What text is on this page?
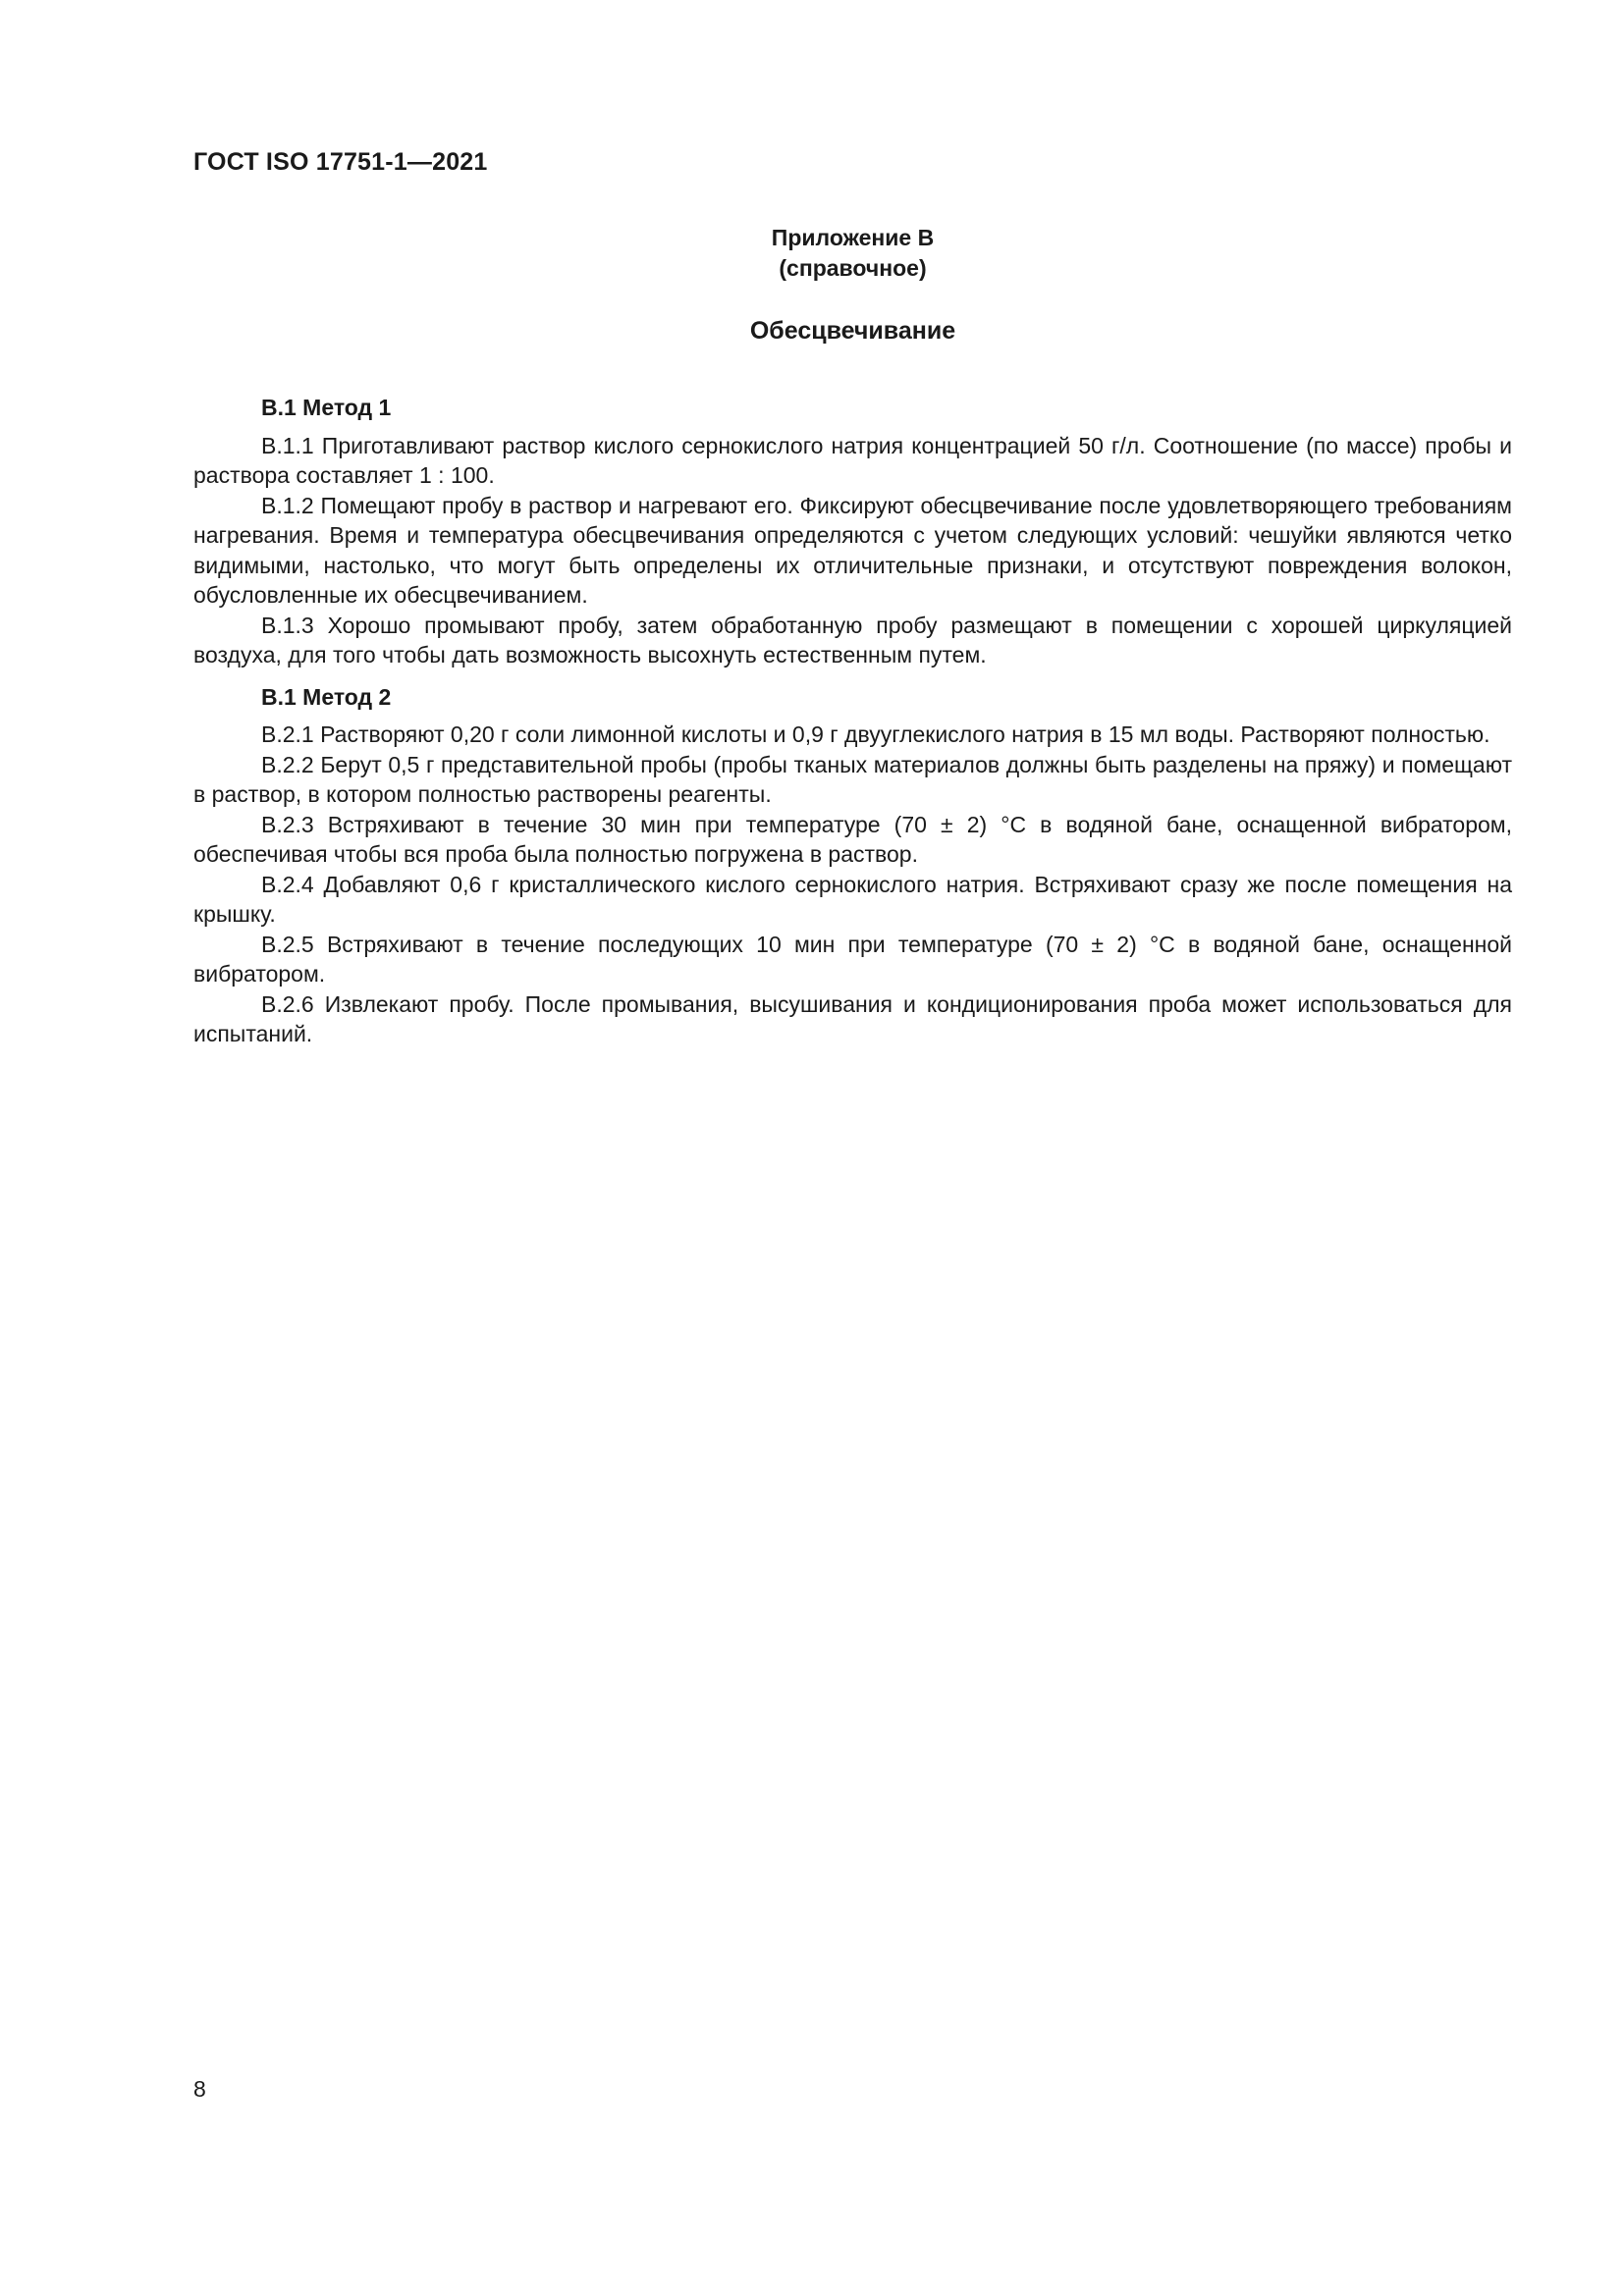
ГОСТ ISO 17751-1—2021
Приложение В
(справочное)
Обесцвечивание
В.1 Метод 1

В.1.1 Приготавливают раствор кислого сернокислого натрия концентрацией 50 г/л. Соотношение (по массе) пробы и раствора составляет 1 : 100.

В.1.2 Помещают пробу в раствор и нагревают его. Фиксируют обесцвечивание после удовлетворяющего требованиям нагревания. Время и температура обесцвечивания определяются с учетом следующих условий: чешуйки являются четко видимыми, настолько, что могут быть определены их отличительные признаки, и отсутствуют повреждения волокон, обусловленные их обесцвечиванием.

В.1.3 Хорошо промывают пробу, затем обработанную пробу размещают в помещении с хорошей циркуляцией воздуха, для того чтобы дать возможность высохнуть естественным путем.

В.1 Метод 2

В.2.1 Растворяют 0,20 г соли лимонной кислоты и 0,9 г двууглекислого натрия в 15 мл воды. Растворяют полностью.

В.2.2 Берут 0,5 г представительной пробы (пробы тканых материалов должны быть разделены на пряжу) и помещают в раствор, в котором полностью растворены реагенты.

В.2.3 Встряхивают в течение 30 мин при температуре (70 ± 2) °С в водяной бане, оснащенной вибратором, обеспечивая чтобы вся проба была полностью погружена в раствор.

В.2.4 Добавляют 0,6 г кристаллического кислого сернокислого натрия. Встряхивают сразу же после помещения на крышку.

В.2.5 Встряхивают в течение последующих 10 мин при температуре (70 ± 2) °С в водяной бане, оснащенной вибратором.

В.2.6 Извлекают пробу. После промывания, высушивания и кондиционирования проба может использоваться для испытаний.

8
